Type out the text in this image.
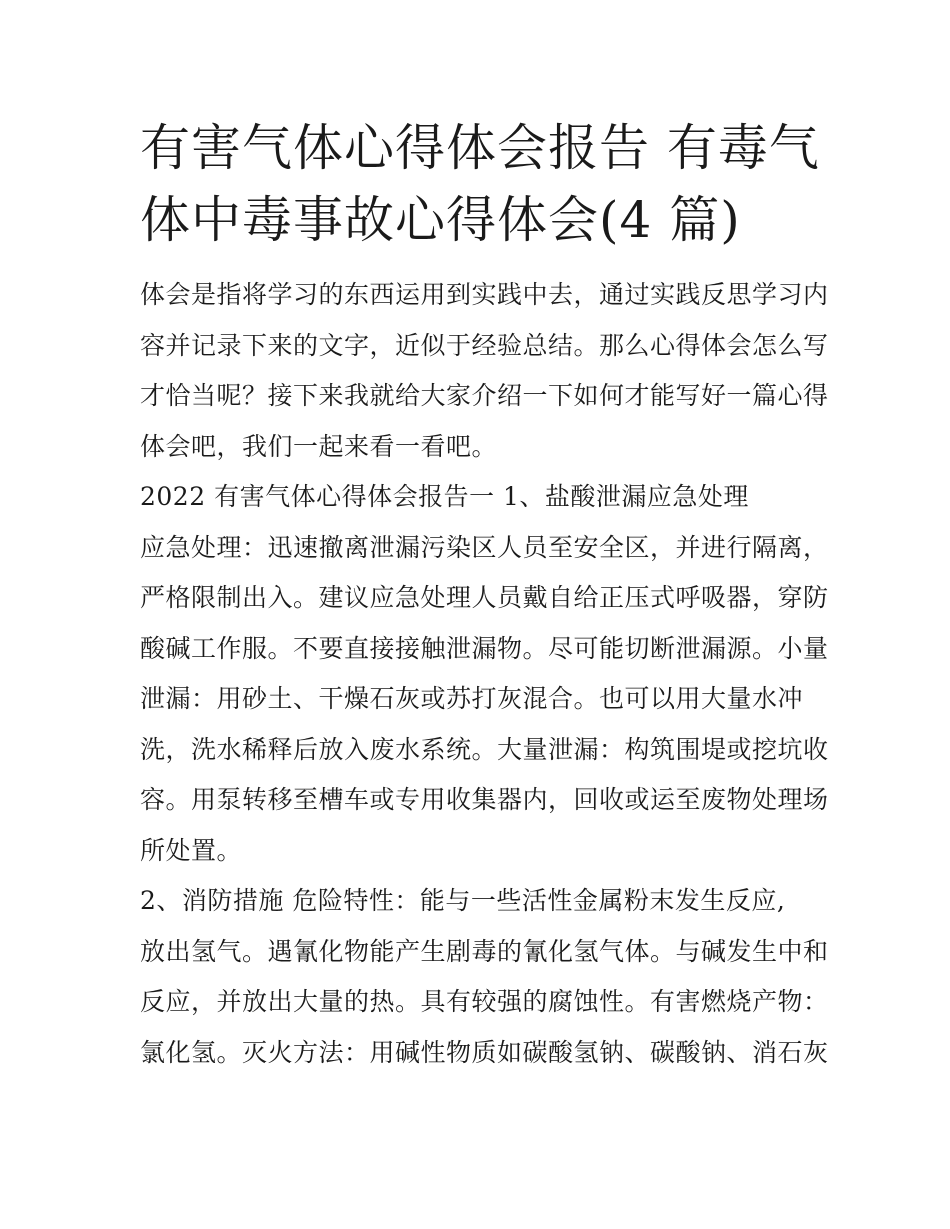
有害气体心得体会报告 有毒气
体中毒事故心得体会(4 篇)

体会是指将学习的东西运用到实践中去，通过实践反思学习内
容并记录下来的文字，近似于经验总结。那么心得体会怎么写
才恰当呢？接下来我就给大家介绍一下如何才能写好一篇心得
体会吧，我们一起来看一看吧。

2022 有害气体心得体会报告一 1、盐酸泄漏应急处理

应急处理：迅速撤离泄漏污染区人员至安全区，并进行隔离，
严格限制出入。建议应急处理人员戴自给正压式呼吸器，穿防
酸碱工作服。不要直接接触泄漏物。尽可能切断泄漏源。小量
泄漏：用砂土、干燥石灰或苏打灰混合。也可以用大量水冲
洗，洗水稀释后放入废水系统。大量泄漏：构筑围堤或挖坑收
容。用泵转移至槽车或专用收集器内，回收或运至废物处理场
所处置。

2、消防措施 危险特性：能与一些活性金属粉末发生反应,

放出氢气。遇氰化物能产生剧毒的氰化氢气体。与碱发生中和
反应，并放出大量的热。具有较强的腐蚀性。有害燃烧产物：
氯化氢。灭火方法：用碱性物质如碳酸氢钠、碳酸钠、消石灰
